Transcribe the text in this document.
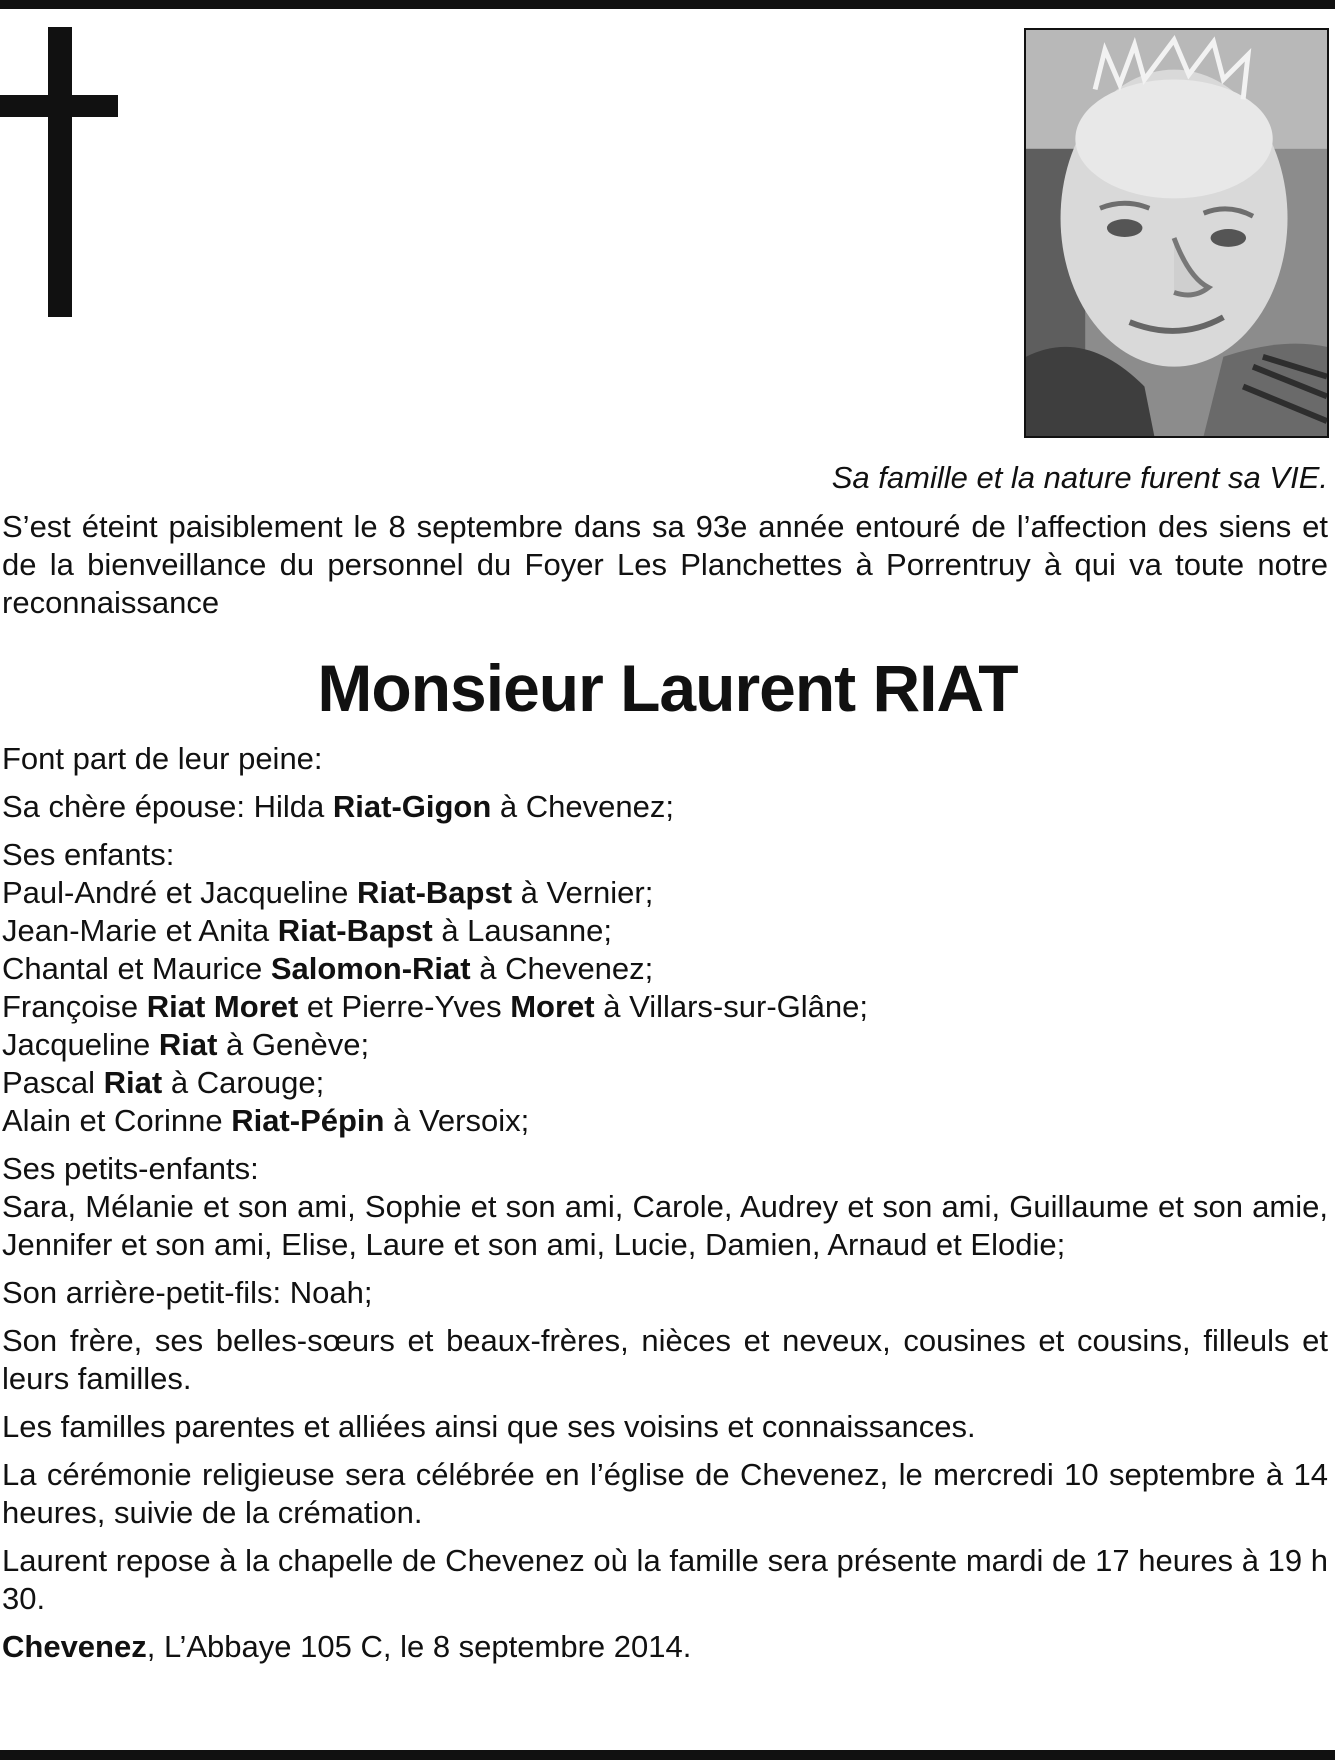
Sa famille et la nature furent sa VIE.
S’est éteint paisiblement le 8 septembre dans sa 93e année entouré de l’affection des siens et de la bienveillance du personnel du Foyer Les Planchettes à Porrentruy à qui va toute notre reconnaissance
Monsieur Laurent RIAT

Font part de leur peine:

Sa chère épouse: Hilda Riat-Gigon à Chevenez;

Ses enfants:
Paul-André et Jacqueline Riat-Bapst à Vernier;
Jean-Marie et Anita Riat-Bapst à Lausanne;
Chantal et Maurice Salomon-Riat à Chevenez;
Françoise Riat Moret et Pierre-Yves Moret à Villars-sur-Glâne;
Jacqueline Riat à Genève;
Pascal Riat à Carouge;
Alain et Corinne Riat-Pépin à Versoix;

Ses petits-enfants:
Sara, Mélanie et son ami, Sophie et son ami, Carole, Audrey et son ami, Guillaume et son amie, Jennifer et son ami, Elise, Laure et son ami, Lucie, Damien, Arnaud et Elodie;

Son arrière-petit-fils: Noah;

Son frère, ses belles-sœurs et beaux-frères, nièces et neveux, cousines et cousins, filleuls et leurs familles.

Les familles parentes et alliées ainsi que ses voisins et connaissances.

La cérémonie religieuse sera célébrée en l’église de Chevenez, le mercredi 10 septembre à 14 heures, suivie de la crémation.

Laurent repose à la chapelle de Chevenez où la famille sera présente mardi de 17 heures à 19 h 30.

Chevenez, L’Abbaye 105 C, le 8 septembre 2014.
